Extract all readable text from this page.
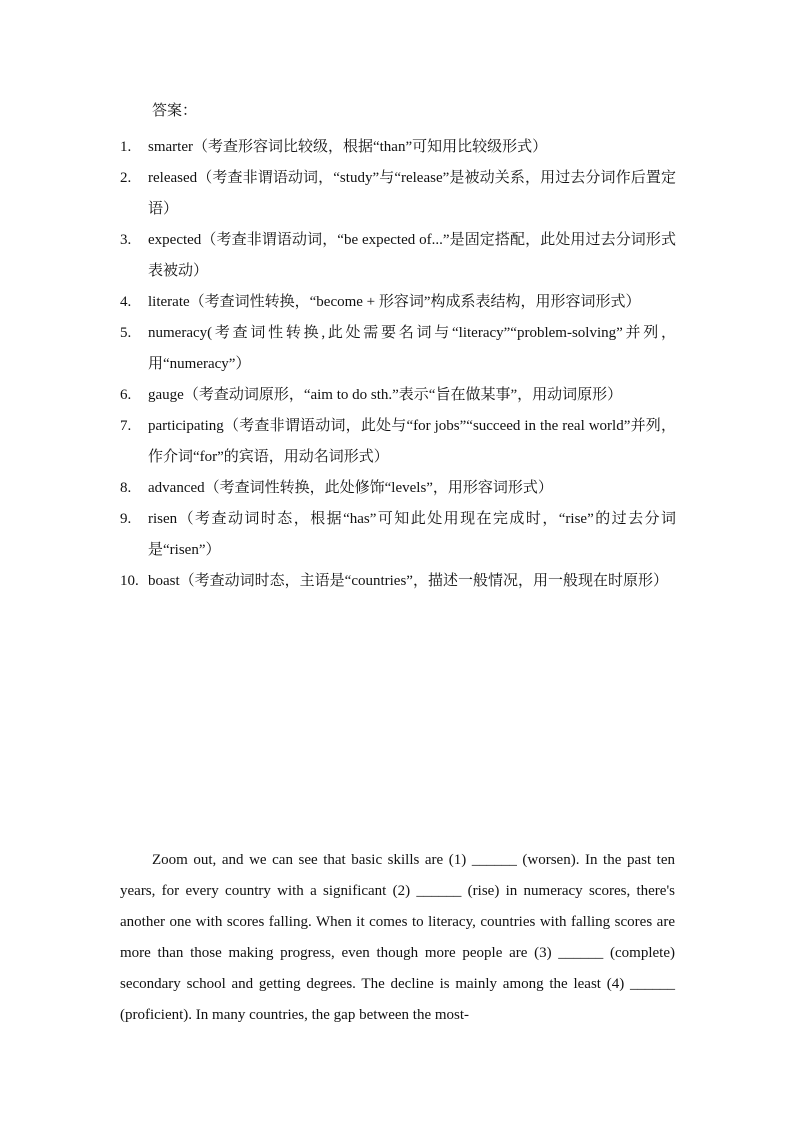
答案：
1.	smarter（考查形容词比较级，根据“than”可知用比较级形式）
2.	released（考查非谓语动词，“study”与“release”是被动关系，用过去分词作后置定语）
3.	expected（考查非谓语动词，“be expected of...”是固定搭配，此处用过去分词形式表被动）
4.	literate（考查词性转换，“become + 形容词”构成系表结构，用形容词形式）
5.	numeracy(考查词性转换,此处需要名词与“literacy”“problem-solving”并列，用“numeracy”）
6.	gauge（考查动词原形，“aim to do sth.”表示“旨在做某事”，用动词原形）
7.	participating（考查非谓语动词，此处与“for jobs”“succeed in the real world”并列，作介词“for”的宾语，用动名词形式）
8.	advanced（考查词性转换，此处修饰“levels”，用形容词形式）
9.	risen（考查动词时态，根据“has”可知此处用现在完成时，“rise”的过去分词是“risen”）
10. boast（考查动词时态，主语是“countries”，描述一般情况，用一般现在时原形）
Zoom out, and we can see that basic skills are (1) ______ (worsen). In the past ten years, for every country with a significant (2) ______ (rise) in numeracy scores, there's another one with scores falling. When it comes to literacy, countries with falling scores are more than those making progress, even though more people are (3) ______ (complete) secondary school and getting degrees. The decline is mainly among the least (4) ______ (proficient). In many countries, the gap between the most-
